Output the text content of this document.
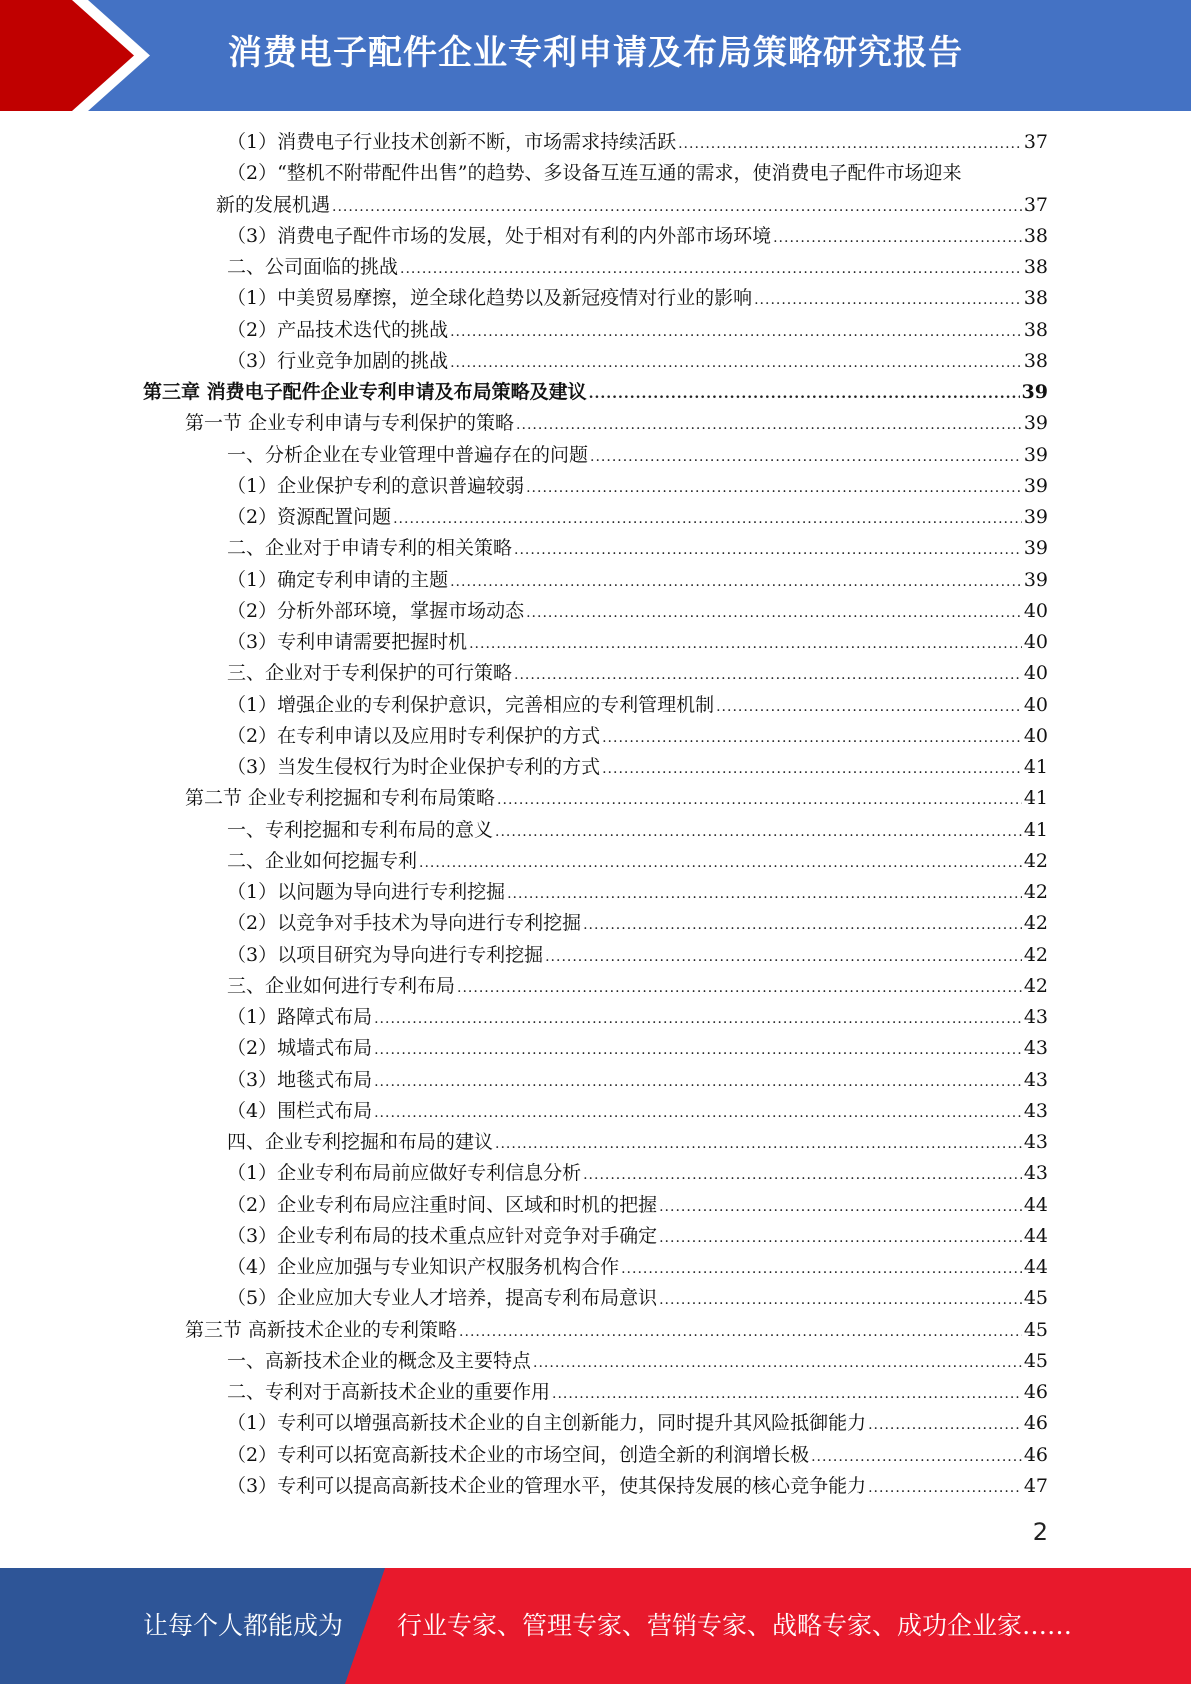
消费电子配件企业专利申请及布局策略研究报告
（1）消费电子行业技术创新不断，市场需求持续活跃 .....	37
（2）“整机不附带配件出售”的趋势、多设备互连互通的需求，使消费电子配件市场迎来
新的发展机遇 .....	37
（3）消费电子配件市场的发展，处于相对有利的内外部市场环境 .....	38
二、公司面临的挑战 .....	38
（1）中美贸易摩擦，逆全球化趋势以及新冠疫情对行业的影响 .....	38
（2）产品技术迭代的挑战 .....	38
（3）行业竞争加剧的挑战 .....	38
第三章 消费电子配件企业专利申请及布局策略及建议 .....	39
第一节 企业专利申请与专利保护的策略 .....	39
一、分析企业在专业管理中普遍存在的问题 .....	39
（1）企业保护专利的意识普遍较弱 .....	39
（2）资源配置问题 .....	39
二、企业对于申请专利的相关策略 .....	39
（1）确定专利申请的主题 .....	39
（2）分析外部环境，掌握市场动态 .....	40
（3）专利申请需要把握时机 .....	40
三、企业对于专利保护的可行策略 .....	40
（1）增强企业的专利保护意识，完善相应的专利管理机制 .....	40
（2）在专利申请以及应用时专利保护的方式 .....	40
（3）当发生侵权行为时企业保护专利的方式 .....	41
第二节 企业专利挖掘和专利布局策略 .....	41
一、专利挖掘和专利布局的意义 .....	41
二、企业如何挖掘专利 .....	42
（1）以问题为导向进行专利挖掘 .....	42
（2）以竞争对手技术为导向进行专利挖掘 .....	42
（3）以项目研究为导向进行专利挖掘 .....	42
三、企业如何进行专利布局 .....	42
（1）路障式布局 .....	43
（2）城墙式布局 .....	43
（3）地毯式布局 .....	43
（4）围栏式布局 .....	43
四、企业专利挖掘和布局的建议 .....	43
（1）企业专利布局前应做好专利信息分析 .....	43
（2）企业专利布局应注重时间、区域和时机的把握 .....	44
（3）企业专利布局的技术重点应针对竞争对手确定 .....	44
（4）企业应加强与专业知识产权服务机构合作 .....	44
（5）企业应加大专业人才培养，提高专利布局意识 .....	45
第三节 高新技术企业的专利策略 .....	45
一、高新技术企业的概念及主要特点 .....	45
二、专利对于高新技术企业的重要作用 .....	46
（1）专利可以增强高新技术企业的自主创新能力，同时提升其风险抵御能力 .....	46
（2）专利可以拓宽高新技术企业的市场空间，创造全新的利润增长极 .....	46
（3）专利可以提高高新技术企业的管理水平，使其保持发展的核心竞争能力 .....	47
2
让每个人都能成为 行业专家、管理专家、营销专家、战略专家、成功企业家……
